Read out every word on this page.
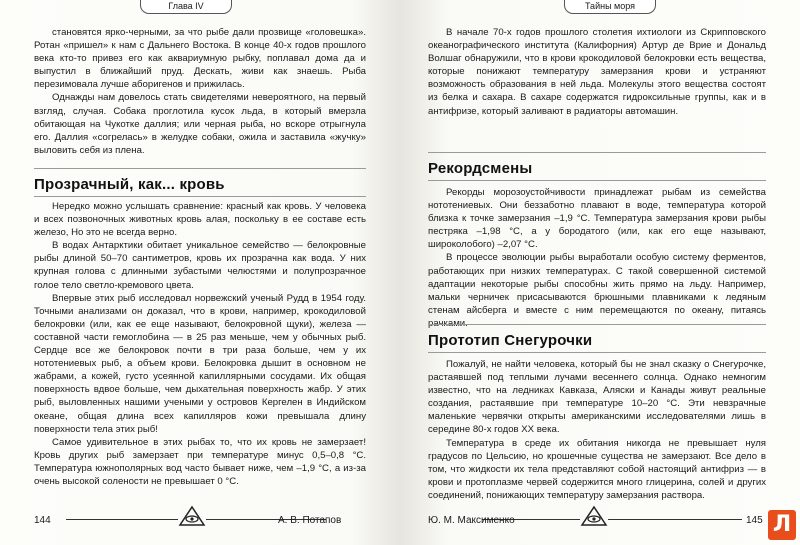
Глава IV

становятся ярко-черными, за что рыбе дали прозвище «головешка». Ротан «пришел» к нам с Дальнего Востока. В конце 40-х годов прошлого века кто-то привез его как аквариумную рыбку, поплавал дома да и выпустил в ближайший пруд. Дескать, живи как знаешь. Рыба перезимовала лучше аборигенов и прижилась.

Однажды нам довелось стать свидетелями невероятного, на первый взгляд, случая. Собака проглотила кусок льда, в который вмерзла обитающая на Чукотке даллия; или черная рыба, но вскоре отрыгнула его. Даллия «согрелась» в желудке собаки, ожила и заставила «жучку» выловить себя из плена.

Прозрачный, как... кровь

Нередко можно услышать сравнение: красный как кровь. У человека и всех позвоночных животных кровь алая, поскольку в ее составе есть железо, Но это не всегда верно.

В водах Антарктики обитает уникальное семейство — белокровные рыбы длиной 50–70 сантиметров, кровь их прозрачна как вода. У них крупная голова с длинными зубастыми челюстями и полупрозрачное голое тело светло-кремового цвета.

Впервые этих рыб исследовал норвежский ученый Рудд в 1954 году. Точными анализами он доказал, что в крови, например, крокодиловой белокровки (или, как ее еще называют, белокровной щуки), железа — составной части гемоглобина — в 25 раз меньше, чем у обычных рыб. Сердце все же белокровок почти в три раза больше, чем у их нототениевых рыб, а объем крови. Белокровка дышит в основном не жабрами, а кожей, густо усеянной капиллярными сосудами. Их общая поверхность вдвое больше, чем дыхательная поверхность жабр. У этих рыб, выловленных нашими учеными у островов Кергелен в Индийском океане, общая длина всех капилляров кожи превышала длину поверхности тела этих рыб!

Самое удивительное в этих рыбах то, что их кровь не замерзает! Кровь других рыб замерзает при температуре минус 0,5–0,8 °С. Температура южнополярных вод часто бывает ниже, чем –1,9 °С, а из-за очень высокой солености не превышает 0 °С.

144	А. В. Потапов
Тайны моря

В начале 70-х годов прошлого столетия ихтиологи из Скрипповского океанографического института (Калифорния) Артур де Врие и Дональд Волшаг обнаружили, что в крови крокодиловой белокровки есть вещества, которые понижают температуру замерзания крови и устраняют возможность образования в ней льда. Молекулы этого вещества состоят из белка и сахара. В сахаре содержатся гидроксильные группы, как и в антифризе, который заливают в радиаторы автомашин.

Рекордсмены

Рекорды морозоустойчивости принадлежат рыбам из семейства нототениевых. Они беззаботно плавают в воде, температура которой близка к точке замерзания –1,9 °С. Температура замерзания крови рыбы пестряка –1,98 °С, а у бородатого (или, как его еще называют, широколобого) –2,07 °С.

В процессе эволюции рыбы выработали особую систему ферментов, работающих при низких температурах. С такой совершенной системой адаптации некоторые рыбы способны жить прямо на льду. Например, мальки черничек присасываются брюшными плавниками к ледяным стенам айсберга и вместе с ним перемещаются по океану, питаясь

Прототип Снегурочки

Пожалуй, не найти человека, который бы не знал сказку о Снегурочке, растаявшей под теплыми лучами весеннего солнца. Однако немногим известно, что на ледниках Кавказа, Аляски и Канады живут реальные создания, растаявшие при температуре 10–20 °С. Эти невзрачные маленькие червячки открыты американскими исследователями лишь в середине 80-х годов XX века.

Температура в среде их обитания никогда не превышает нуля градусов по Цельсию, но крошечные существа не замерзают. Все дело в том, что жидкости их тела представляют собой настоящий антифриз — в крови и протоплазме червей содержится много глицерина, солей и других соединений, понижающих температуру замерзания раствора.

Ю. М. Максименко	145 Л
